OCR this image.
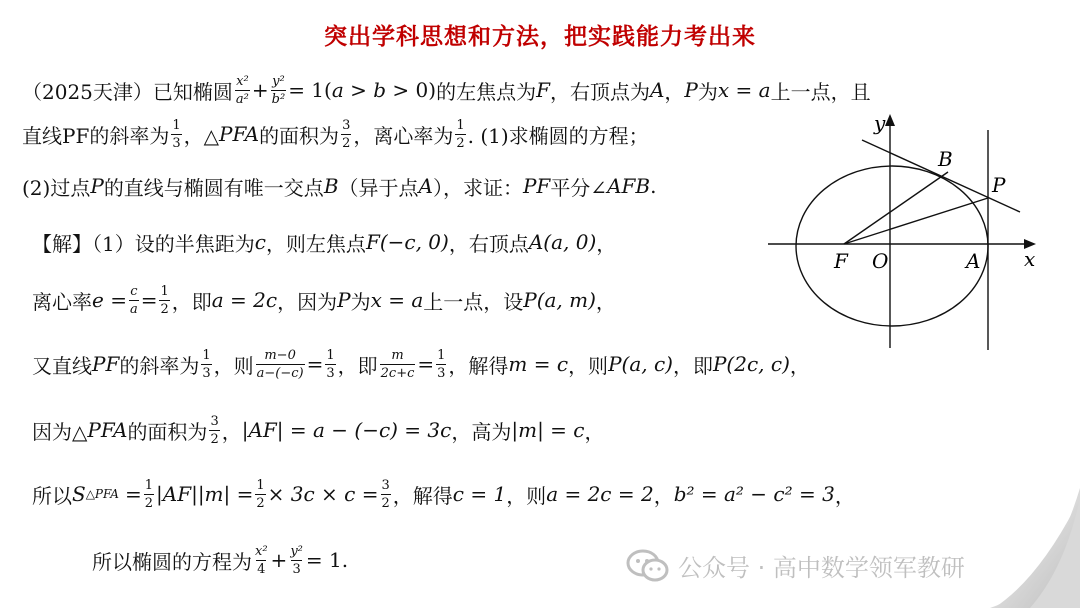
突出学科思想和方法，把实践能力考出来
（2025天津）已知椭圆 $\frac{\text{x²}}{\text{a²}} + \frac{\text{y²}}{\text{b²}} = 1(a > b > 0)$ 的左焦点为 F ，右顶点为 A ， P 为 x = a 上一点，且
直线PF的斜率为 $\frac{1}{3}$ ，△ PFA 的面积为 $\frac{3}{2}$ ，离心率为 $\frac{1}{2}$ . (1)求椭圆的方程；
(2)过点 P 的直线与椭圆有唯一交点 B （异于点 A ），求证： PF 平分∠ AFB .
【解】（1）设的半焦距为 c ，则左焦点 F(−c, 0) ，右顶点 A(a, 0) ，
离心率 $e = \frac{c}{a} = \frac{1}{2}$ ，即 a = 2c ，因为 P 为 x = a 上一点，设 P(a, m) ，
又直线 PF 的斜率为 $\frac{1}{3}$ ，则 $\frac{m-0}{a-(-c)} = \frac{1}{3}$ ，即 $\frac{m}{2c+c} = \frac{1}{3}$ ，解得 m = c ，则 P(a, c) ，即 P(2c, c) ，
因为△ PFA 的面积为 $\frac{3}{2}$ ， |AF| = a − (−c) = 3c ，高为 |m| = c ，
所以 S △PFA = $\frac{1}{2} |AF||m| = \frac{1}{2} \times 3c \times c = \frac{3}{2}$ ，解得 c = 1 ，则 a = 2c = 2 ， b² = a² − c² = 3 ，
所以椭圆的方程为 $\frac{\text{x²}}{4} + \frac{\text{y²}}{3} = 1$.
y
x
F O	A
B
P
公众号 · 高中数学领军教研
